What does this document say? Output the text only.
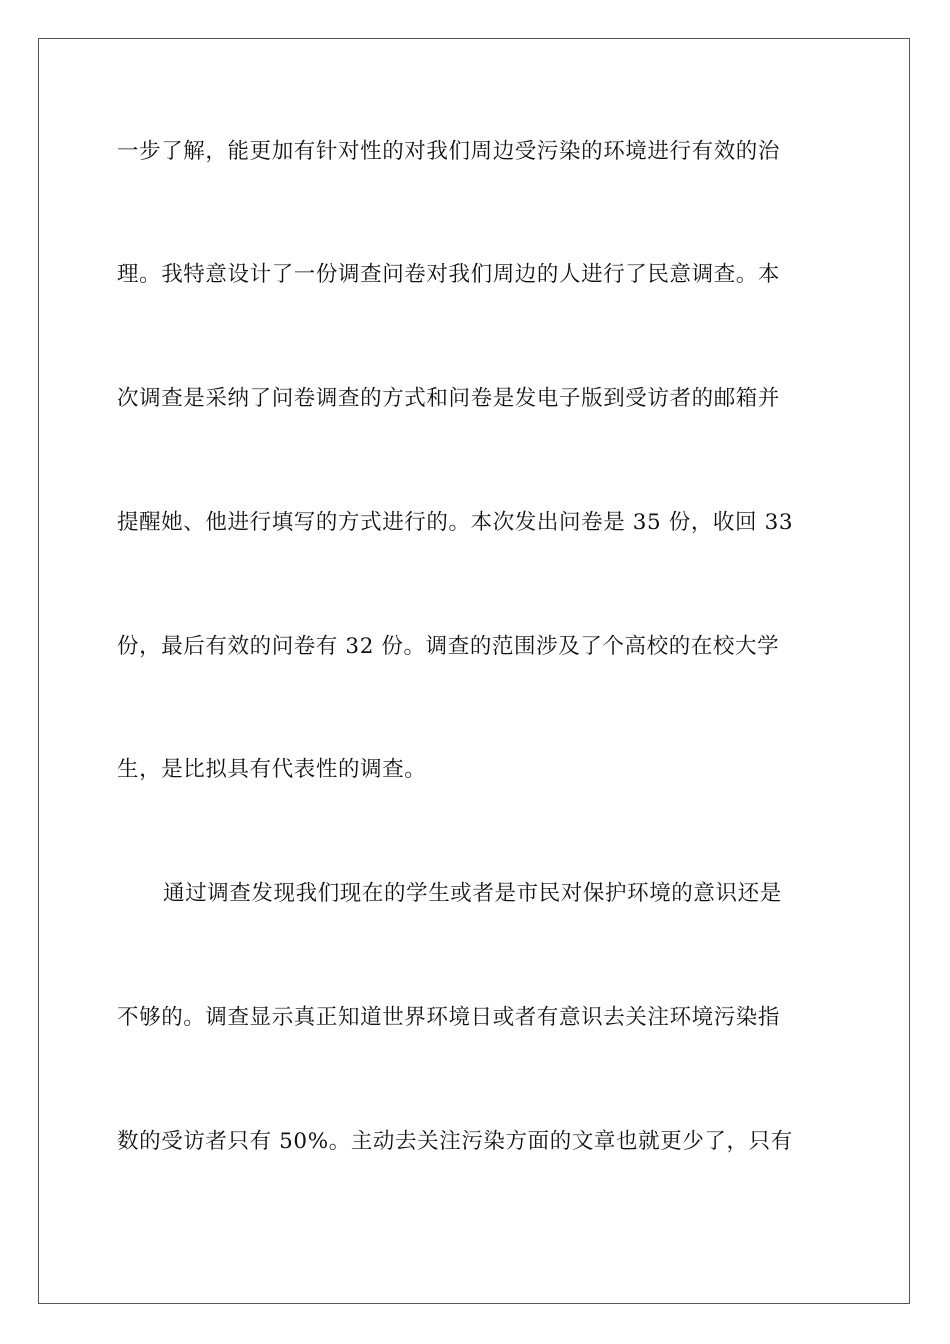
一步了解，能更加有针对性的对我们周边受污染的环境进行有效的治
理。我特意设计了一份调查问卷对我们周边的人进行了民意调查。本
次调查是采纳了问卷调查的方式和问卷是发电子版到受访者的邮箱并
提醒她、他进行填写的方式进行的。本次发出问卷是 35 份，收回 33
份，最后有效的问卷有 32 份。调查的范围涉及了个高校的在校大学
生，是比拟具有代表性的调查。
通过调查发现我们现在的学生或者是市民对保护环境的意识还是
不够的。调查显示真正知道世界环境日或者有意识去关注环境污染指
数的受访者只有 50%。主动去关注污染方面的文章也就更少了，只有
